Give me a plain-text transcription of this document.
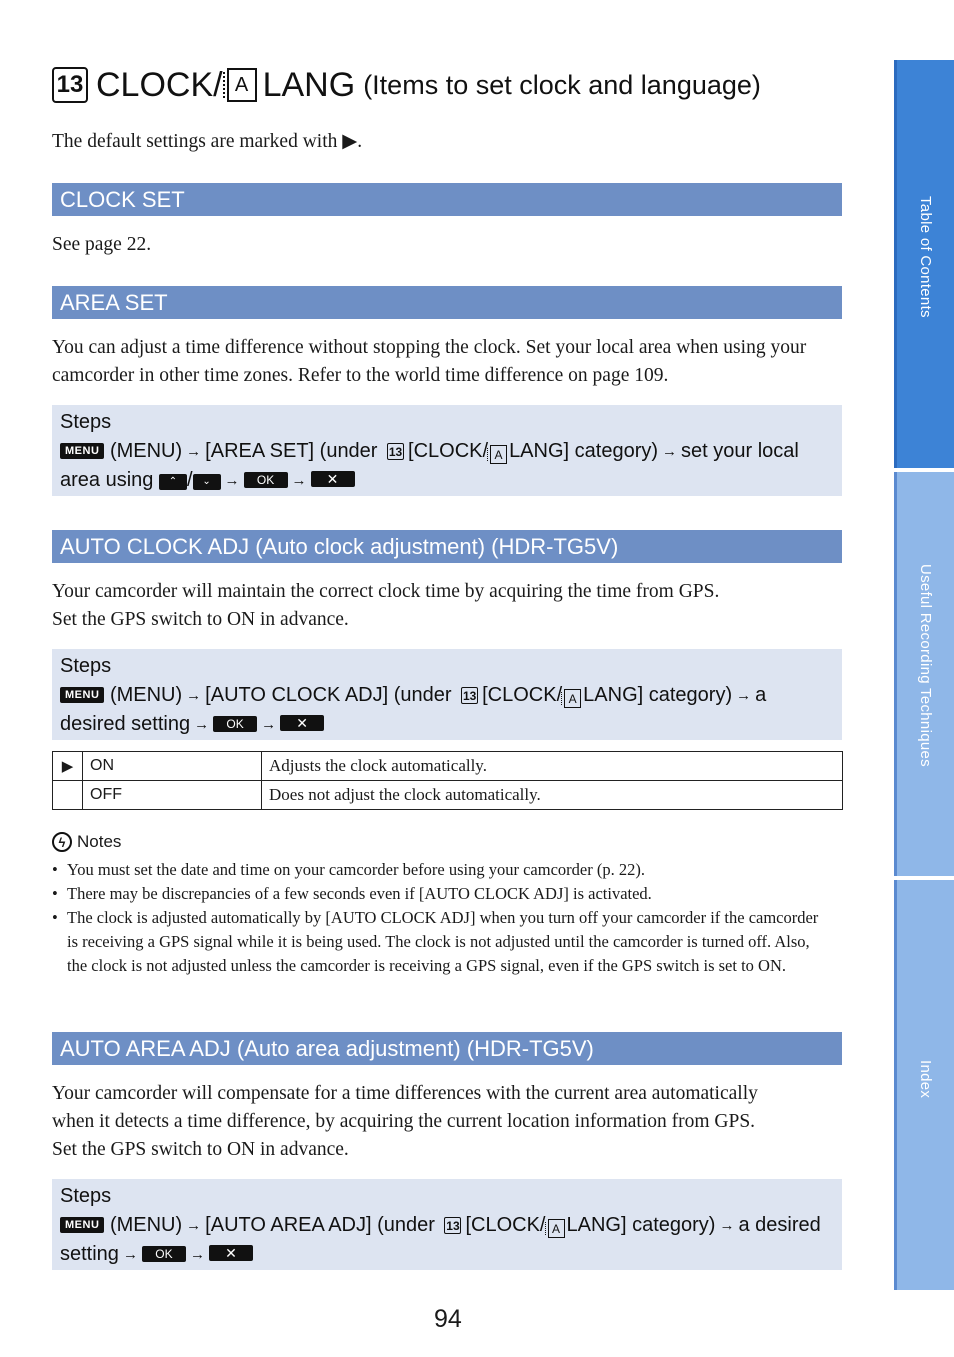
13 CLOCK/ A LANG (Items to set clock and language)
The default settings are marked with ▶.
CLOCK SET
See page 22.
AREA SET
You can adjust a time difference without stopping the clock. Set your local area when using your camcorder in other time zones. Refer to the world time difference on page 109.
Steps
MENU (MENU) → [AREA SET] (under 13 [CLOCK/ A LANG] category) → set your local area using ⌃ / ⌄ → OK → ✕
AUTO CLOCK ADJ (Auto clock adjustment) (HDR-TG5V)
Your camcorder will maintain the correct clock time by acquiring the time from GPS.
Set the GPS switch to ON in advance.
Steps
MENU (MENU) → [AUTO CLOCK ADJ] (under 13 [CLOCK/ A LANG] category) → a desired setting → OK → ✕
▶	ON	Adjusts the clock automatically.
	OFF	Does not adjust the clock automatically.
ϟ Notes
• You must set the date and time on your camcorder before using your camcorder (p. 22).
• There may be discrepancies of a few seconds even if [AUTO CLOCK ADJ] is activated.
• The clock is adjusted automatically by [AUTO CLOCK ADJ] when you turn off your camcorder if the camcorder is receiving a GPS signal while it is being used. The clock is not adjusted until the camcorder is turned off. Also, the clock is not adjusted unless the camcorder is receiving a GPS signal, even if the GPS switch is set to ON.
AUTO AREA ADJ (Auto area adjustment) (HDR-TG5V)
Your camcorder will compensate for a time differences with the current area automatically
when it detects a time difference, by acquiring the current location information from GPS.
Set the GPS switch to ON in advance.
Steps
MENU (MENU) → [AUTO AREA ADJ] (under 13 [CLOCK/ A LANG] category) → a desired setting → OK → ✕
94
Table of Contents
Useful Recording Techniques
Index
